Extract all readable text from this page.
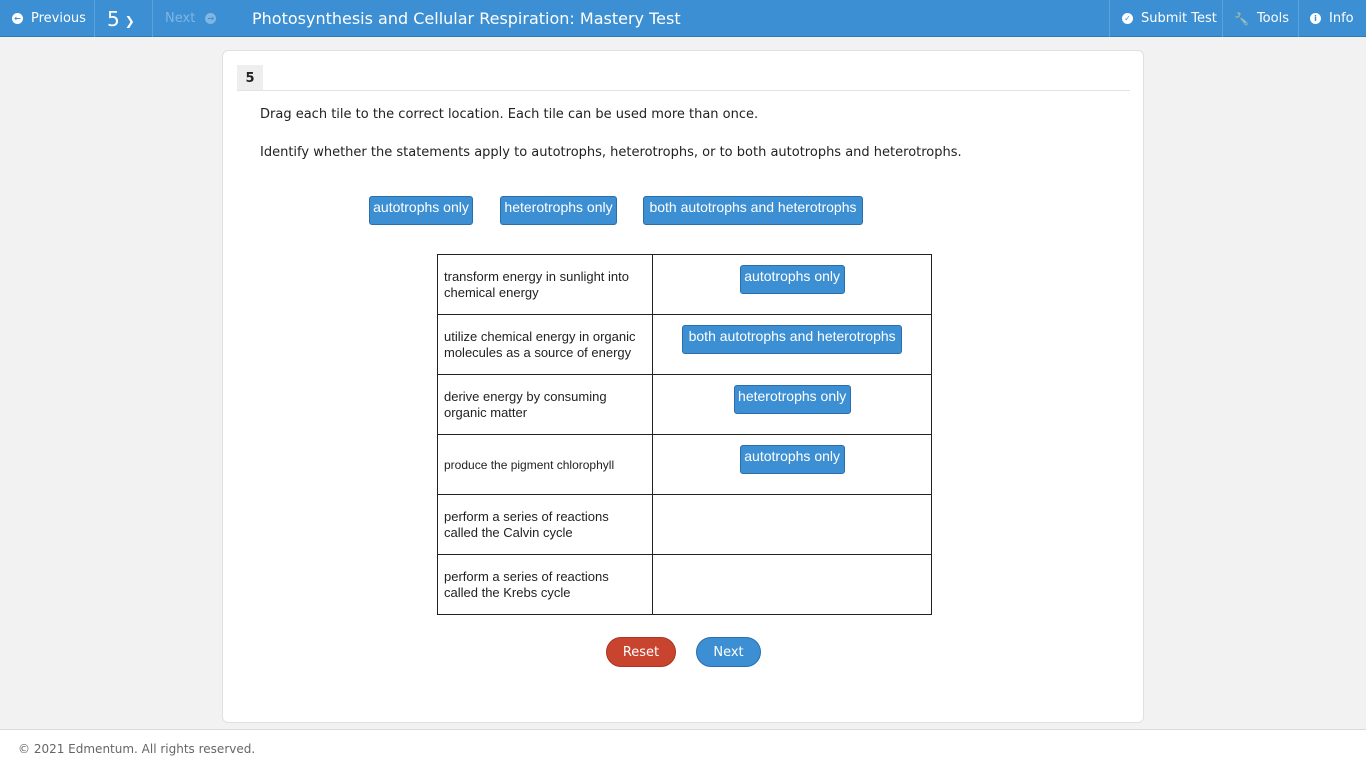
← Previous 5 ❯ Next → Photosynthesis and Cellular Respiration: Mastery Test	✓ Submit Test 🔧 Tools	i Info
5
Drag each tile to the correct location. Each tile can be used more than once.
Identify whether the statements apply to autotrophs, heterotrophs, or to both autotrophs and heterotrophs.
autotrophs only	heterotrophs only	both autotrophs and heterotrophs
transform energy in sunlight into chemical energy	autotrophs only
utilize chemical energy in organic molecules as a source of energy	both autotrophs and heterotrophs
derive energy by consuming organic matter	heterotrophs only
produce the pigment chlorophyll	autotrophs only
perform a series of reactions called the Calvin cycle	
perform a series of reactions called the Krebs cycle	
Reset	Next
© 2021 Edmentum. All rights reserved.
